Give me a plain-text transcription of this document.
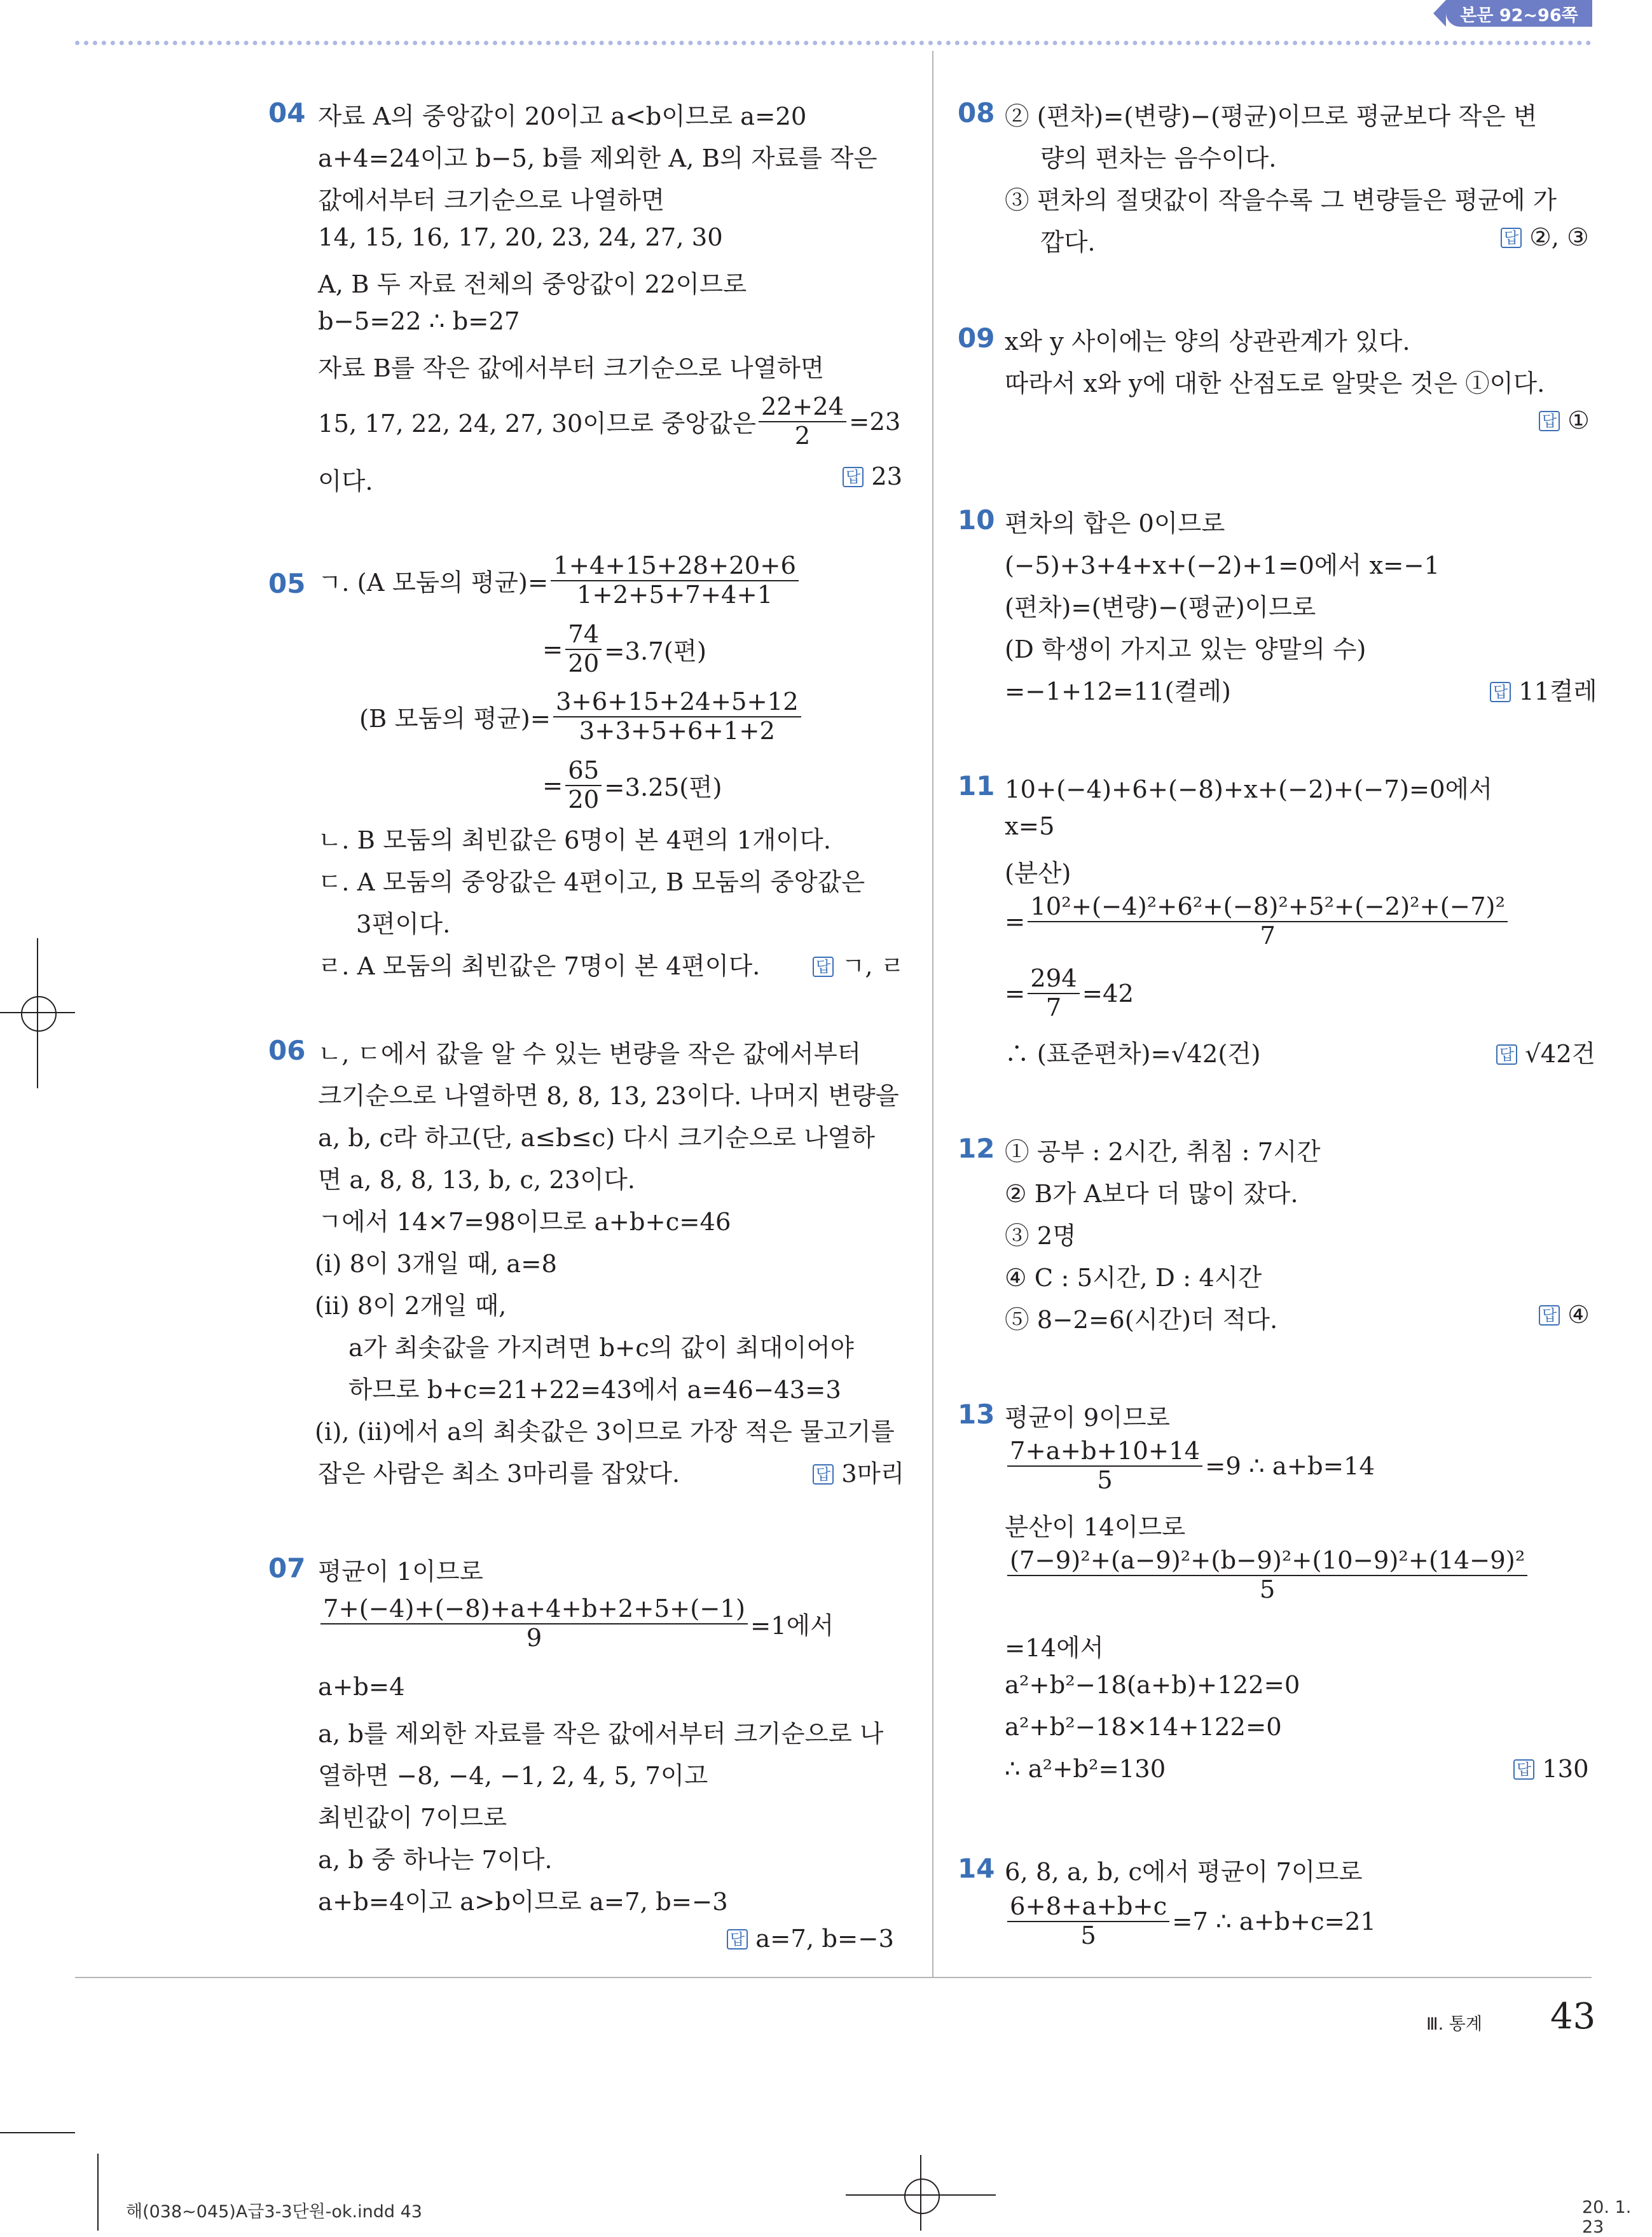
본문 92~96쪽
04 자료 A의 중앙값이 20이고 a<b이므로 a=20
a+4=24이고 b−5, b를 제외한 A, B의 자료를 작은
값에서부터 크기순으로 나열하면
14, 15, 16, 17, 20, 23, 24, 27, 30
A, B 두 자료 전체의 중앙값이 22이므로
b−5=22 ∴ b=27
자료 B를 작은 값에서부터 크기순으로 나열하면
15, 17, 22, 24, 27, 30이므로 중앙값은 $\frac{22+24}{2} =23$
이다.	답 23
05 ㄱ. (A 모둠의 평균)= $\frac{1+4+15+28+20+6}{1+2+5+7+4+1}$
= $\frac{74}{20} =3.7$(편)
(B 모둠의 평균)= $\frac{3+6+15+24+5+12}{3+3+5+6+1+2}$
= $\frac{65}{20} =3.25$(편)
ㄴ. B 모둠의 최빈값은 6명이 본 4편의 1개이다.
ㄷ. A 모둠의 중앙값은 4편이고, B 모둠의 중앙값은
3편이다.
ㄹ. A 모둠의 최빈값은 7명이 본 4편이다.	답 ㄱ, ㄹ
06 ㄴ, ㄷ에서 값을 알 수 있는 변량을 작은 값에서부터
크기순으로 나열하면 8, 8, 13, 23이다. 나머지 변량을
a, b, c라 하고(단, a≤b≤c) 다시 크기순으로 나열하
면 a, 8, 8, 13, b, c, 23이다.
ㄱ에서 14×7=98이므로 a+b+c=46
(ⅰ) 8이 3개일 때, a=8
(ⅱ) 8이 2개일 때,
a가 최솟값을 가지려면 b+c의 값이 최대이어야
하므로 b+c=21+22=43에서 a=46−43=3
(ⅰ), (ⅱ)에서 a의 최솟값은 3이므로 가장 적은 물고기를
잡은 사람은 최소 3마리를 잡았다.	답 3마리
07 평균이 1이므로
$\frac{7+(-4)+(-8)+a+4+b+2+5+(-1)}{9} =1$에서
a+b=4
a, b를 제외한 자료를 작은 값에서부터 크기순으로 나
열하면 −8, −4, −1, 2, 4, 5, 7이고
최빈값이 7이므로
a, b 중 하나는 7이다.
a+b=4이고 a>b이므로 a=7, b=−3
답 a=7, b=−3
08 ② (편차)=(변량)−(평균)이므로 평균보다 작은 변
량의 편차는 음수이다.
③ 편차의 절댓값이 작을수록 그 변량들은 평균에 가
깝다.	답 ②, ③
09 x와 y 사이에는 양의 상관관계가 있다.
따라서 x와 y에 대한 산점도로 알맞은 것은 ①이다.
답 ①
10 편차의 합은 0이므로
(−5)+3+4+x+(−2)+1=0에서 x=−1
(편차)=(변량)−(평균)이므로
(D 학생이 가지고 있는 양말의 수)
=−1+12=11(켤레)	답 11켤레
11 10+(−4)+6+(−8)+x+(−2)+(−7)=0에서
x=5
(분산)
= $\frac{\text{10²+(−4)²+6²+(−8)²+5²+(−2)²+(−7)²}}{7}$
= $\frac{294}{7} =42$
∴ (표준편차)=√42(건)	답 √42건
12 ① 공부 : 2시간, 취침 : 7시간
② B가 A보다 더 많이 잤다.
③ 2명
④ C : 5시간, D : 4시간
⑤ 8−2=6(시간)더 적다.	답 ④
13 평균이 9이므로
$\frac{7+a+b+10+14}{5} =9$ ∴ a+b=14
분산이 14이므로
$\frac{\text{(7−9)²+(a−9)²+(b−9)²+(10−9)²+(14−9)²}}{5}$
=14에서
a²+b²−18(a+b)+122=0
a²+b²−18×14+122=0
∴ a²+b²=130	답 130
14 6, 8, a, b, c에서 평균이 7이므로
$\frac{6+8+a+b+c}{5} =7$ ∴ a+b+c=21
Ⅲ. 통계 43
해(038~045)A급3-3단원-ok.indd 43	20. 1. 23
